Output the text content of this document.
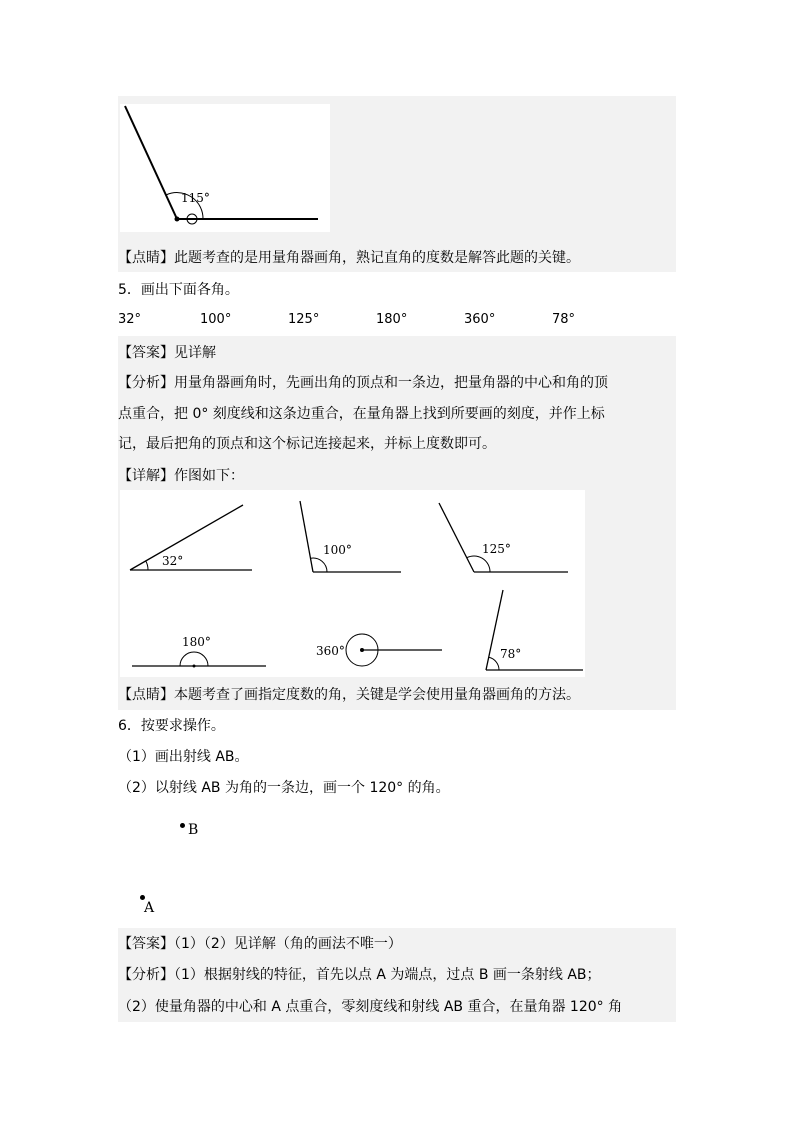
115°
【点睛】此题考查的是用量角器画角，熟记直角的度数是解答此题的关键。
5．画出下面各角。
32°	100°	125°	180°	360°	78°
【答案】见详解
【分析】用量角器画角时，先画出角的顶点和一条边，把量角器的中心和角的顶
点重合，把 0° 刻度线和这条边重合，在量角器上找到所要画的刻度，并作上标
记，最后把角的顶点和这个标记连接起来，并标上度数即可。
【详解】作图如下：
32°
100°	125°
180°
360°	78°
【点睛】本题考查了画指定度数的角，关键是学会使用量角器画角的方法。
6．按要求操作。
（1）画出射线 AB。
（2）以射线 AB 为角的一条边，画一个 120° 的角。
B
A
【答案】（1）（2）见详解（角的画法不唯一）
【分析】（1）根据射线的特征，首先以点 A 为端点，过点 B 画一条射线 AB；
（2）使量角器的中心和 A 点重合，零刻度线和射线 AB 重合，在量角器 120° 角
